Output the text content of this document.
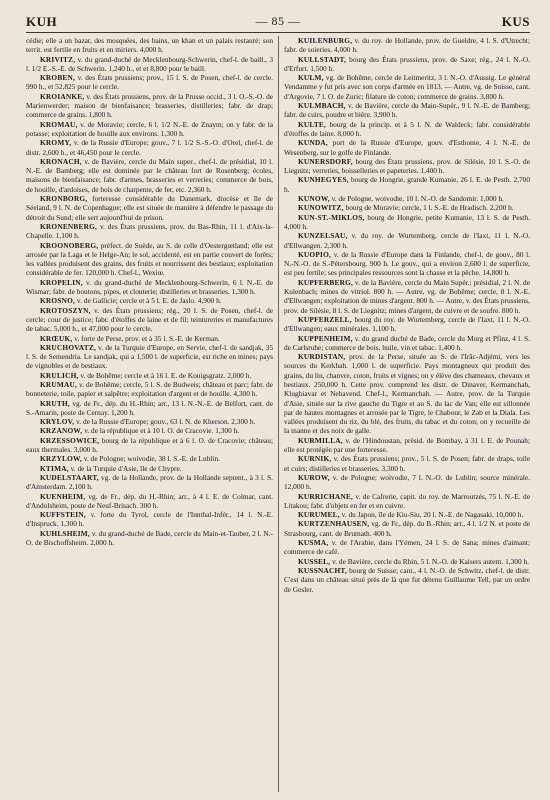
KUH	— 85 —	KUS

cédie; elle a un bazar, des mosquées, des bains, un khan et un palais restauré; son territ. est fertile en fruits et en miriers. 4,000 h.

KRIVITZ, v. du grand-duché de Mecklenbourg-Schwerin, chef-l. de baill., 3 l. 1/2 E.-S.-E. de Schwerin. 1,240 h., et et 8,800 pour le baill.

KROBEN, v. des États prussiens; prov., 15 l. S. de Posen, chef-l. de cercle. 990 h., et 52,825 pour le cercle.

KROIANKE, v. des États prussiens, prov. de la Prusse occid., 3 l. O.-S.-O. de Marienwerder; maison de bienfaisance; brasseries, distilleries; fabr. de drap; commerce de grains. 1,800 h.

KROMAU, v. de Moravie; cercle, 6 l. 1/2 N.-E. de Znaym; on y fabr. de la potasse; exploitation de houille aux environs. 1,300 h.

KROMY, v. de la Russie d'Europe; gouv., 7 l. 1/2 S.-S.-O. d'Orel, chef-l. de distr. 2,600 h., et 46,450 pour le cercle.

KRONACH, v. de Bavière, cercle du Main super., chef-l. de présidial, 10 l. N.-E. de Bamberg; elle est dominée par le château fort de Rosenberg; écoles, maisons de bienfaisance; fabr. d'armes, brasseries et verreries; commerce de bois, de houille, d'ardoises, de bois de charpente, de fer, etc. 2,360 h.

KRONBORG, forteresse considérable du Danemark, diocèse et île de Séeland, 9 l. N. de Copenhague; elle est située de manière à défendre le passage du détroit du Sund; elle sert aujourd'hui de prison.

KRONENBERG, v. des États prussiens, prov. du Bas-Rhin, 11 l. d'Aix-la-Chapelle. 1,100 h.

KROONOBERG, préfect. de Suède, au S. de celle d'Oestergœtland; elle est arrosée par la Laga et le Helge-An; le sol, accidenté, est en partie couvert de forêts; les vallées produisent des grains, des fruits et nourrissent des bestiaux; exploitation considérable de fer. 120,000 h. Chef-l., Wexiœ.

KROPELIN, v. du grand-duché de Mecklenbourg-Schwerin, 6 l. N.-E. de Wismar; fabr. de boutons, pipes, et clouterie; distilleries et brasseries. 1,300 h.

KROSNO, v. de Gallicie; cercle et à 5 l. E. de Jaslo. 4,900 h.

KROTOSZYN, v. des États prussiens; rég., 20 l. S. de Posen, chef-l. de cercle; cour de justice; fabr. d'étoffes de laine et de fil; teintureries et manufactures de tabac. 5,000 h., et 47,000 pour le cercle.

KRŒUK, v. forte de Perse, prov. et à 35 l. S.-E. de Kerman.

KRUCHOVATZ, v. de la Turquie d'Europe, en Servie, chef-l. de sandjak, 35 l. S. de Semendria. Le sandjak, qui a 1,500 l. de superficie, est riche en mines; pays de vignobles et de bestiaux.

KRULICH, v. de Bohême; cercle et à 16 l. E. de Konigsgratz. 2,000 h.

KRUMAU, v. de Bohême; cercle, 5 l. S. de Budweis; château et parc; fabr. de bonneterie, toile, papier et salpêtre; exploitation d'argent et de houille. 4,300 h.

KRUTH, vg. de Fr., dép. du H.-Rhin; arr., 13 l. N.-N.-E. de Belfort, cant. de S.-Amarin, poste de Cernay. 1,200 h.

KRYLOV, v. de la Russie d'Europe; gouv., 63 l. N. de Kherson. 2,300 h.

KRZANOW, v. de la république et à 10 l. O. de Cracovie. 1,300 h.

KRZESSOWICE, bourg de la république et à 6 l. O. de Cracovie; château; eaux thermales. 3,000 h.

KRZYLOW, v. de Pologne; woivodie, 38 l. S.-E. de Lublin.

KTIMA, v. de la Turquie d'Asie, île de Chypre.

KUDELSTAART, vg. de la Hollande, prov. de la Hollande septent., à 3 l. S. d'Amsterdam. 2,100 h.

KUENHEIM, vg. de Fr., dép. du H.-Rhin; arr., à 4 l. E. de Colmar, cant. d'Andolsheim, poste de Neuf-Brisach. 300 h.

KUFFSTEIN, v. forte du Tyrol, cercle de l'Innthal-Infér., 14 l. N.-E. d'Inspruck. 1,300 h.

KUHLSHEIM, v. du grand-duché de Bade, cercle du Main-et-Tauber, 2 l. N.-O. de Bischoffsheim. 2,000 h.

KUILENBURG, v. du roy. de Hollande, prov. de Gueldre, 4 l. S. d'Utrecht; fabr. de soieries. 4,000 h.

KULLSTADT, bourg des États prussiens, prov. de Saxe; rég., 24 l. N.-O. d'Erfurt. 1,500 h.

KULM, vg. de Bohême, cercle de Leitmeritz, 3 l. N.-O. d'Aussig. Le général Vendamme y fut pris avec son corps d'armée en 1813. — Autre, vg. de Suisse, cant. d'Argovie, 7 l. O. de Zuric; filature de coton; commerce de grains. 3,800 h.

KULMBACH, v. de Bavière, cercle du Main-Supér., 9 l. N.-E. de Bamberg; fabr. de cuirs, poudre et bière. 3,900 h.

KULTE, bourg de la princip. et à 5 l. N. de Waldeck; fabr. considérable d'étoffes de laine. 8,000 h.

KUNDA, port de la Russie d'Europe, gouv. d'Esthonie, 4 l. N.-E. de Wesenberg, sur le golfe de Finlande.

KUNERSDORF, bourg des États prussiens, prov. de Silésie, 10 l. S.-O. de Liegnitz; verreries, boisselleries et papeteries. 1,400 h.

KUNHEGYES, bourg de Hongrie, grande Kumanie, 26 l. E. de Pesth. 2,700 h.

KUNOW, v. de Pologne, woivodie, 10 l. N.-O. de Sandomir. 1,000 h.

KUNOWITZ, bourg de Moravie; cercle, 1 l. S.-E. de Hradisch. 2,200 h.

KUN-ST.-MIKLOS, bourg de Hongrie, petite Kumanie, 13 l. S. de Pesth. 4,000 h.

KUNZELSAU, v. du roy. de Wurtemberg, cercle de l'Iaxt, 11 l. N.-O. d'Ellwangen. 2,300 h.

KUOPIO, v. de la Russie d'Europe dans la Finlande, chef-l. de gouv., 80 l. N.-N.-O. de S.-Pétersbourg. 900 h. Le gouv., qui a environ 2,600 l. de superficie, est peu fertile; ses principales ressources sont la chasse et la pêche. 14,800 h.

KUPFERBERG, v. de la Bavière, cercle du Main Supér.; présidial, 2 l. N. de Kulenbach; mines de vitriol. 800 h. — Autre, vg. de Bohême; cercle, 8 l. N.-E. d'Ellwangen; exploitation de mines d'argent. 800 h. — Autre, v. des États prussiens, prov. de Silésie, 8 l. S. de Liegnitz; mines d'argent, de cuivre et de soufre. 800 h.

KUPFERZELL, bourg du roy. de Wurtemberg, cercle de l'Iaxt, 11 l. N.-O. d'Ellwangen; eaux minérales. 1,100 h.

KUPPENHEIM, v. du grand duché de Bade, cercle du Murg et Pfinz, 4 l. S. de Carlsruhe; commerce de bois, huile, vin et tabac. 1,400 h.

KURDISTAN, prov. de la Perse, située au S. de l'Irâc-Adjémi, vers les sources du Kerkhah. 1,000 l. de superficie. Pays montagneux qui produit des grains, du lin, chanvre, coton, fruits et vignes; on y élève des chameaux, chevaux et bestiaux. 250,000 h. Cette prov. comprend les distr. de Dinaver, Kermanchah, Klughiavar et Nehavend. Chef-l., Kermanchah. — Autre, prov. de la Turquie d'Asie, située sur la rive gauche du Tigre et au S. du lac de Van; elle est sillonnée par de hautes montagnes et arrosée par le Tigre, le Chabour, le Zab et la Diala. Les vallées produisent du riz, du blé, des fruits, du tabac et du coton; on y recueille de la manne et des noix de galle.

KURMILLA, v. de l'Hindoustan, présid. de Bombay, à 31 l. E. de Pounah; elle est protégée par une forteresse.

KURNIK, v. des États prussiens; prov., 5 l. S. de Posen; fabr. de draps, toile et cuirs; distilleries et brasseries. 3,300 h.

KUROW, v. de Pologne; woivodie, 7 l. N.-O. de Lublin; source minérale. 12,000 h.

KURRICHANE, v. de Cafrerie, capit. du roy. de Marroutzés, 75 l. N.-E. de Litakou; fabr. d'objets en fer et en cuivre.

KURUMEL, v. du Japon, île de Kiu-Siu, 20 l. N.-E. de Nagasaki. 10,000 h.

KURTZENHAUSEN, vg. de Fr., dép. du B.-Rhin; arr., 4 l. 1/2 N. et poste de Strasbourg, cant. de Brumath. 400 h.

KUSMA, v. de l'Arabie, dans l'Yémen, 24 l. S. de Sana; mines d'aimant; commerce de café.

KUSSEL, v. de Bavière, cercle du Rhin, 5 l. N.-O. de Kaisers autern. 1,300 h.

KUSSNACHT, bourg de Suisse; cant., 4 l. N.-O. de Schwitz, chef-l. de distr. C'est dans un château situé près de là que fut détenu Guillaume Tell, par un ordre de Gesler.
